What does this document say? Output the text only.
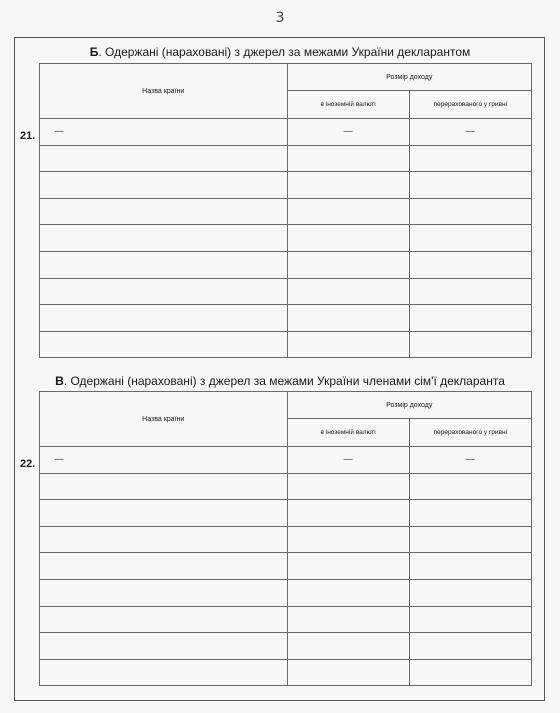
3
Б. Одержані (нараховані) з джерел за межами України декларантом
21.
Назва країни	Розмір доходу	
	в іноземній валюті	перерахованого у гривні

—	—	—

В. Одержані (нараховані) з джерел за межами України членами сім'ї декларанта
22.
Назва країни	Розмір доходу	
	в іноземній валюті	перерахованого у гривні

—	—	—
